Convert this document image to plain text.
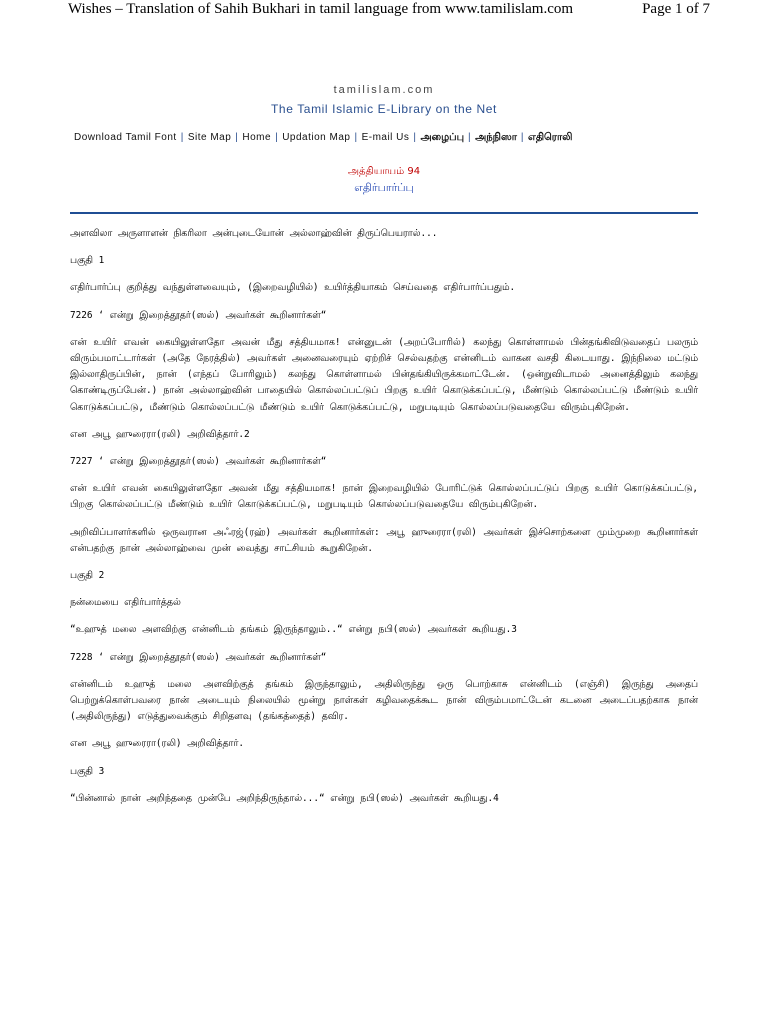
Wishes – Translation of Sahih Bukhari in tamil language from www.tamilislam.com	Page 1 of 7
tamilislam.com
The Tamil Islamic E-Library on the Net
Download Tamil Font | Site Map | Home | Updation Map | E-mail Us | அழைப்பு | அந்நிஸா | எதிரொலி
அத்தியாயம் 94
எதிர்பார்ப்பு

அளவிலா அருளாளன் நிகரிலா அன்புடையோன் அல்லாஹ்வின் திருப்பெயரால்...

பகுதி 1

எதிர்பார்ப்பு குறித்து வந்துள்ளவையும், (இறைவழியில்) உயிர்த்தியாகம் செய்வதை எதிர்பார்ப்பதும்.

7226 ‘ என்று இறைத்தூதர்(ஸல்) அவர்கள் கூறினார்கள்“

என் உயிர் எவன் கையிலுள்ளதோ அவன் மீது சத்தியமாக! என்னுடன் (அறப்போரில்) கலந்து கொள்ளாமல் பின்தங்கிவிடுவதைப் பலரும் விரும்பமாட்டார்கள் (அதே நேரத்தில்) அவர்கள் அனைவரையும் ஏற்றிச் செல்வதற்கு என்னிடம் வாகன வசதி கிடையாது. இந்நிலை மட்டும் இல்லாதிருப்பின், நான் (எந்தப் போரிலும்) கலந்து கொள்ளாமல் பின்தங்கியிருக்கமாட்டேன். (ஒன்றுவிடாமல் அனைத்திலும் கலந்து கொண்டிருப்பேன்.) நான் அல்லாஹ்வின் பாதையில் கொல்லப்பட்டுப் பிறகு உயிர் கொடுக்கப்பட்டு, மீண்டும் கொல்லப்பட்டு மீண்டும் உயிர் கொடுக்கப்பட்டு, மீண்டும் கொல்லப்பட்டு மீண்டும் உயிர் கொடுக்கப்பட்டு, மறுபடியும் கொல்லப்படுவதையே விரும்புகிறேன்.

என அபூ ஹுரைரா(ரலி) அறிவித்தார்.2

7227 ‘ என்று இறைத்தூதர்(ஸல்) அவர்கள் கூறினார்கள்“

என் உயிர் எவன் கையிலுள்ளதோ அவன் மீது சத்தியமாக! நான் இறைவழியில் போரிட்டுக் கொல்லப்பட்டுப் பிறகு உயிர் கொடுக்கப்பட்டு, பிறகு கொல்லப்பட்டு மீண்டும் உயிர் கொடுக்கப்பட்டு, மறுபடியும் கொல்லப்படுவதையே விரும்புகிறேன்.

அறிவிப்பாளர்களில் ஒருவரான அஃரஜ்(ரஹ்) அவர்கள் கூறினார்கள்: அபூ ஹுரைரா(ரலி) அவர்கள் இச்சொற்களை மும்முறை கூறினார்கள் என்பதற்கு நான் அல்லாஹ்வை முன் வைத்து சாட்சியம் கூறுகிறேன்.

பகுதி 2

நன்மையை எதிர்பார்த்தல்

“உஹுத் மலை அளவிற்கு என்னிடம் தங்கம் இருந்தாலும்..“ என்று நபி(ஸல்) அவர்கள் கூறியது.3

7228 ‘ என்று இறைத்தூதர்(ஸல்) அவர்கள் கூறினார்கள்“

என்னிடம் உஹுத் மலை அளவிற்குத் தங்கம் இருந்தாலும், அதிலிருந்து ஒரு பொற்காசு என்னிடம் (எஞ்சி) இருந்து அதைப் பெற்றுக்கொள்பவரை நான் அடையும் நிலையில் மூன்று நாள்கள் கழிவதைக்கூட நான் விரும்பமாட்டேன் கடனை அடைப்பதற்காக நான் (அதிலிருந்து) எடுத்துவைக்கும் சிறிதளவு (தங்கத்தைத்) தவிர.

என அபூ ஹுரைரா(ரலி) அறிவித்தார்.

பகுதி 3

“பின்னால் நான் அறிந்ததை முன்பே அறிந்திருந்தால்...“ என்று நபி(ஸல்) அவர்கள் கூறியது.4
